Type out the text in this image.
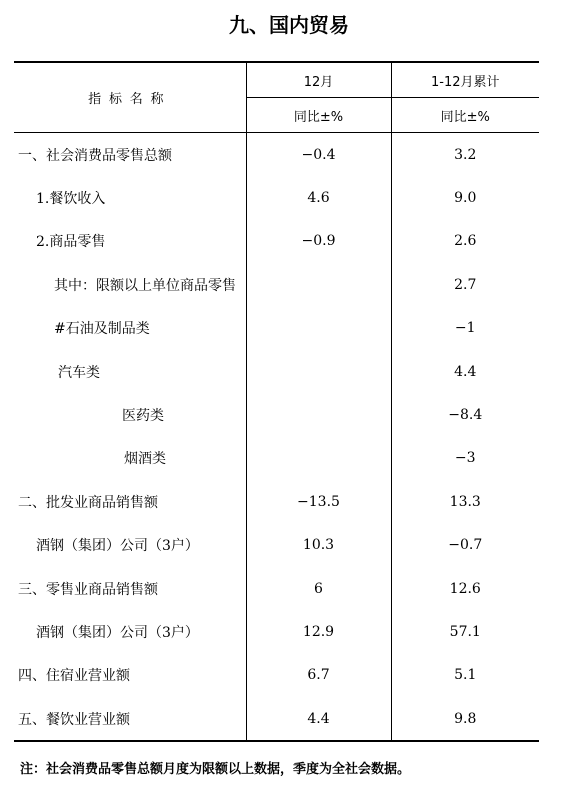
九、国内贸易
指标名称	12月	1-12月累计
	同比±%	同比±%
一、社会消费品零售总额	−0.4	3.2
1.餐饮收入	4.6	9.0
2.商品零售	−0.9	2.6
其中：限额以上单位商品零售		2.7
#石油及制品类		−1
汽车类		4.4
医药类		−8.4
烟酒类		−3
二、批发业商品销售额	−13.5	13.3
酒钢（集团）公司（3户）	10.3	−0.7
三、零售业商品销售额	6	12.6
酒钢（集团）公司（3户）	12.9	57.1
四、住宿业营业额	6.7	5.1
五、餐饮业营业额	4.4	9.8
注：社会消费品零售总额月度为限额以上数据，季度为全社会数据。
